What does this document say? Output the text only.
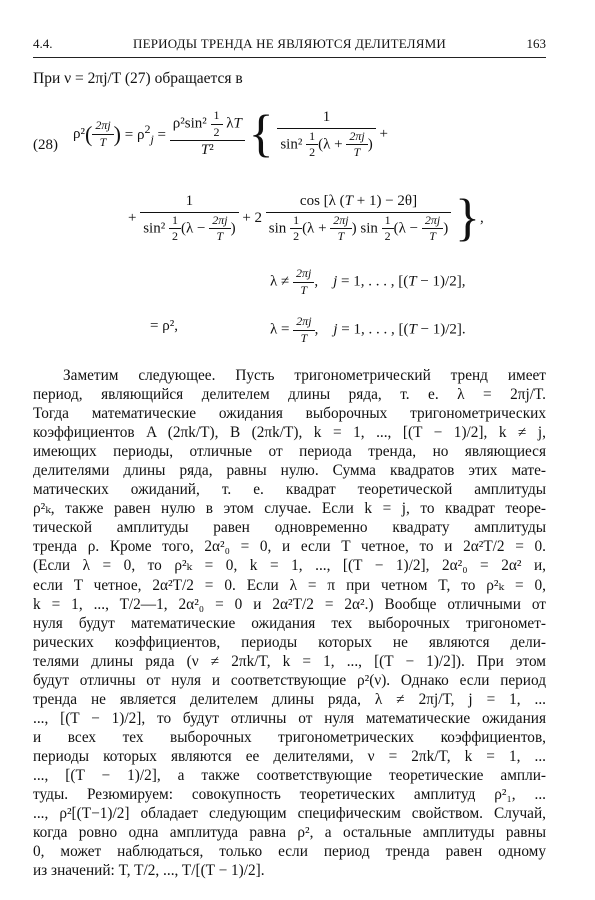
4.4.	ПЕРИОДЫ ТРЕНДА НЕ ЯВЛЯЮТСЯ ДЕЛИТЕЛЯМИ	163
При ν = 2πj/T (27) обращается в
(28)
$\rho^2( \frac{2\pi j}{T}$ ) = $\rho^2_j = \frac{\rho^2\sin^2 \frac{1}{2} \lambda T}{\text{T²}}$ { $\frac{1}{\sin^2 \frac{1}{2} (\lambda + \frac{2\pi j}{T} )}$ +
+ $\frac{1}{\sin^2 \frac{1}{2} (\lambda - \frac{2\pi j}{T} )} + 2 \frac{\cos [\lambda (T + 1) - 2\theta]}{\sin \frac{1}{2} (\lambda + \frac{2\pi j}{T} ) \sin \frac{1}{2} (\lambda - \frac{2\pi j}{T} )}$ },
$\lambda \ne \frac{2\pi j}{T}$ ,    j = 1, . . . , [(T − 1)/2],
= ρ²,	$\lambda = \frac{2\pi j}{T}$ ,    j = 1, . . . , [(T − 1)/2].
Заметим следующее. Пусть тригонометрический тренд имеет
период, являющийся делителем длины ряда, т. е. λ = 2πj/T.
Тогда математические ожидания выборочных тригонометрических
коэффициентов A (2πk/T), B (2πk/T), k = 1, ..., [(T − 1)/2], k ≠ j,
имеющих периоды, отличные от периода тренда, но являющиеся
делителями длины ряда, равны нулю. Сумма квадратов этих мате-
матических ожиданий, т. е. квадрат теоретической амплитуды
ρ²ₖ, также равен нулю в этом случае. Если k = j, то квадрат теоре-
тической амплитуды равен одновременно квадрату амплитуды
тренда ρ. Кроме того, 2α²₀ = 0, и если T четное, то и 2α²T/2 = 0.
(Если λ = 0, то ρ²ₖ = 0, k = 1, ..., [(T − 1)/2], 2α²₀ = 2α² и,
если T четное, 2α²T/2 = 0. Если λ = π при четном T, то ρ²ₖ = 0,
k = 1, ..., T/2—1, 2α²₀ = 0 и 2α²T/2 = 2α².) Вообще отличными от
нуля будут математические ожидания тех выборочных тригономет-
рических коэффициентов, периоды которых не являются дели-
телями длины ряда (ν ≠ 2πk/T, k = 1, ..., [(T − 1)/2]). При этом
будут отличны от нуля и соответствующие ρ²(ν). Однако если период
тренда не является делителем длины ряда, λ ≠ 2πj/T, j = 1, ...
..., [(T − 1)/2], то будут отличны от нуля математические ожидания
и всех тех выборочных тригонометрических коэффициентов,
периоды которых являются ее делителями, ν = 2πk/T, k = 1, ...
..., [(T − 1)/2], а также соответствующие теоретические ампли-
туды. Резюмируем: совокупность теоретических амплитуд ρ²₁, ...
..., ρ²[(T−1)/2] обладает следующим специфическим свойством. Случай,
когда ровно одна амплитуда равна ρ², а остальные амплитуды равны
0, может наблюдаться, только если период тренда равен одному
из значений: T, T/2, ..., T/[(T − 1)/2].
